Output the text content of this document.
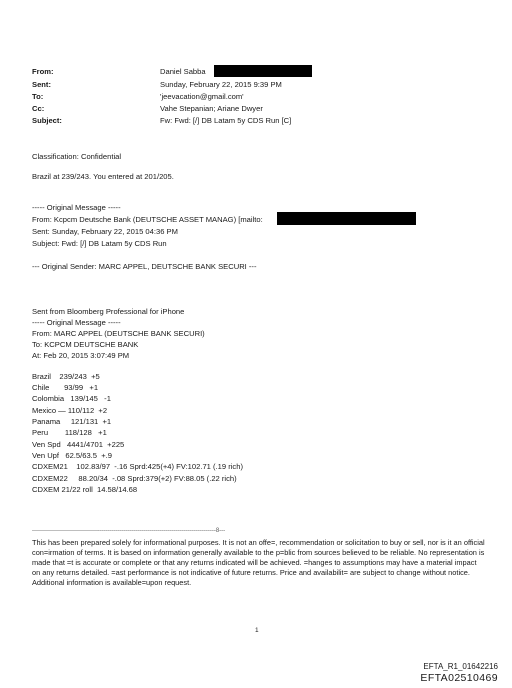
From:	Daniel Sabba
Sent:	Sunday, February 22, 2015 9:39 PM
To:	'jeevacation@gmail.com'
Cc:	Vahe Stepanian; Ariane Dwyer
Subject:	Fw: Fwd: [/] DB Latam 5y CDS Run [C]
Classification: Confidential
Brazil at 239/243. You entered at 201/205.
----- Original Message -----
From: Kcpcm Deutsche Bank (DEUTSCHE ASSET MANAG) [mailto:
Sent: Sunday, February 22, 2015 04:36 PM
Subject: Fwd: [/] DB Latam 5y CDS Run
--- Original Sender: MARC APPEL, DEUTSCHE BANK SECURI ---
Sent from Bloomberg Professional for iPhone
----- Original Message -----
From: MARC APPEL (DEUTSCHE BANK SECURI)
To: KCPCM DEUTSCHE BANK
At: Feb 20, 2015 3:07:49 PM
Brazil    239/243  +5
Chile       93/99   +1
Colombia   139/145   -1
Mexico — 110/112  +2
Panama     121/131  +1
Peru        118/128   +1
Ven Spd   4441/4701  +225
Ven Upf   62.5/63.5  +.9
CDXEM21    102.83/97  -.16 Sprd:425(+4) FV:102.71 (.19 rich)
CDXEM22     88.20/34  -.08 Sprd:379(+2) FV:88.05 (.22 rich)
CDXEM 21/22 roll  14.58/14.68
--------------------------------------------------------------------------------------------8---
This has been prepared solely for informational purposes. It is not an offe=, recommendation or solicitation to buy or sell, nor is it an official con=irmation of terms. It is based on information generally available to the p=blic from sources believed to be reliable. No representation is made that =t is accurate or complete or that any returns indicated will be achieved. =hanges to assumptions may have a material impact on any returns detailed. =ast performance is not indicative of future returns. Price and availabilit= are subject to change without notice. Additional information is available=upon request.
1
EFTA_R1_01642216
EFTA02510469
